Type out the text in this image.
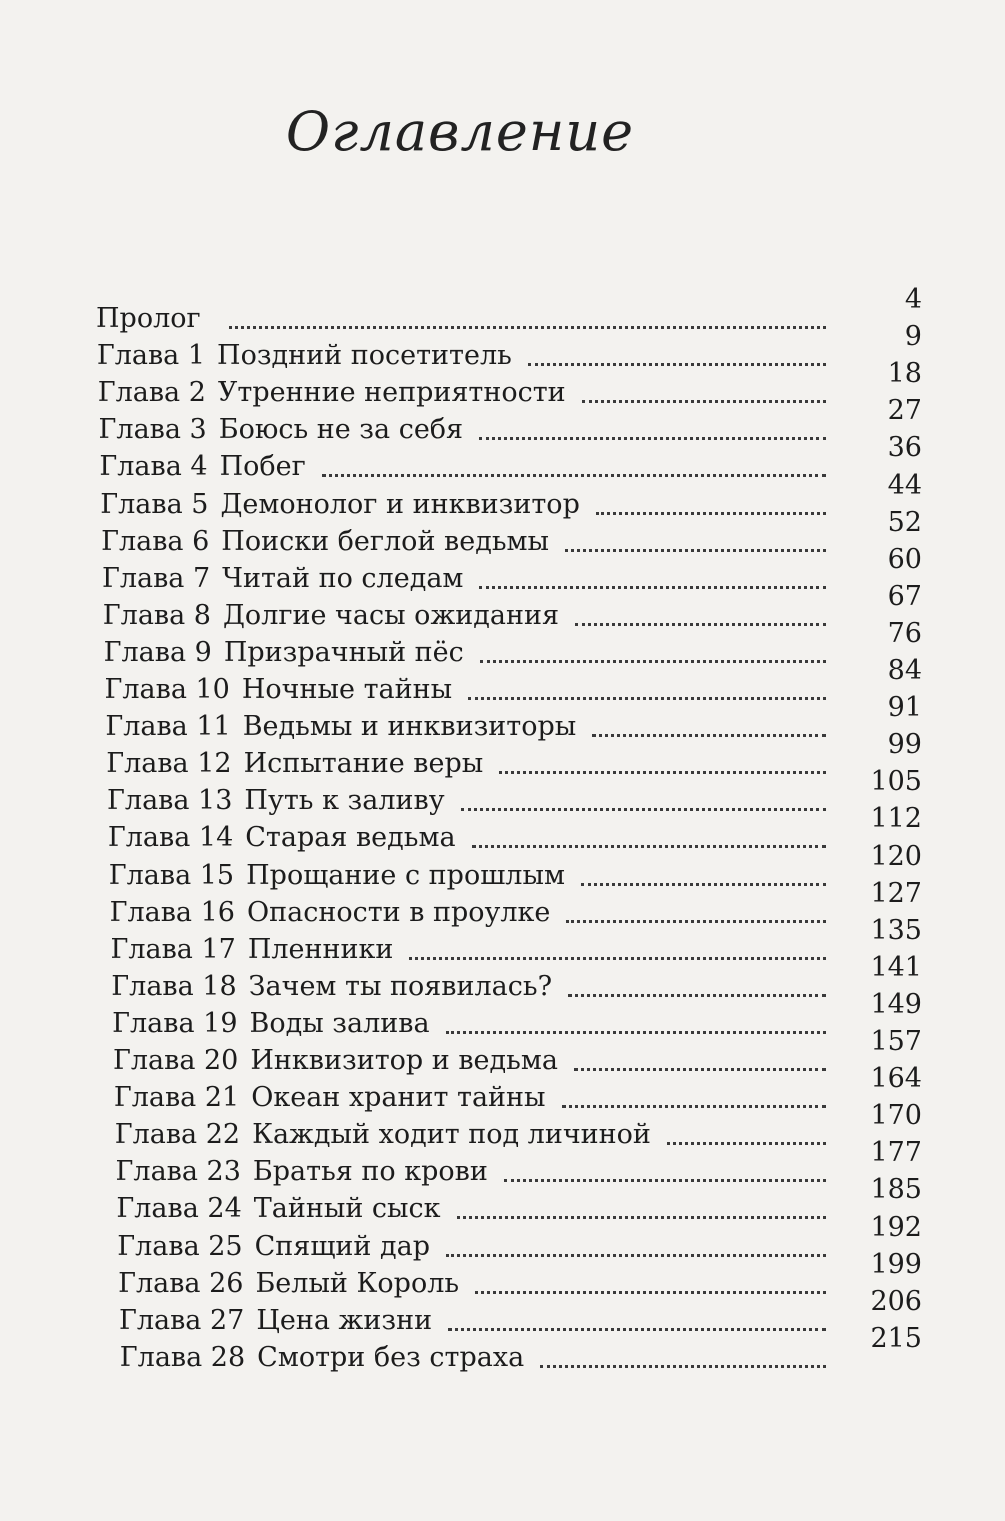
Оглавление
Пролог
4
Глава 1 Поздний посетитель
9
Глава 2 Утренние неприятности
18
Глава 3 Боюсь не за себя
27
Глава 4 Побег
36
Глава 5 Демонолог и инквизитор
44
Глава 6 Поиски беглой ведьмы
52
Глава 7 Читай по следам
60
Глава 8 Долгие часы ожидания
67
Глава 9 Призрачный пёс
76
Глава 10 Ночные тайны
84
Глава 11 Ведьмы и инквизиторы
91
Глава 12 Испытание веры
99
Глава 13 Путь к заливу
105
Глава 14 Старая ведьма
112
Глава 15 Прощание с прошлым
120
Глава 16 Опасности в проулке
127
Глава 17 Пленники
135
Глава 18 Зачем ты появилась?
141
Глава 19 Воды залива
149
Глава 20 Инквизитор и ведьма
157
Глава 21 Океан хранит тайны
164
Глава 22 Каждый ходит под личиной
170
Глава 23 Братья по крови
177
Глава 24 Тайный сыск
185
Глава 25 Спящий дар
192
Глава 26 Белый Король
199
Глава 27 Цена жизни
206
Глава 28 Смотри без страха
215
